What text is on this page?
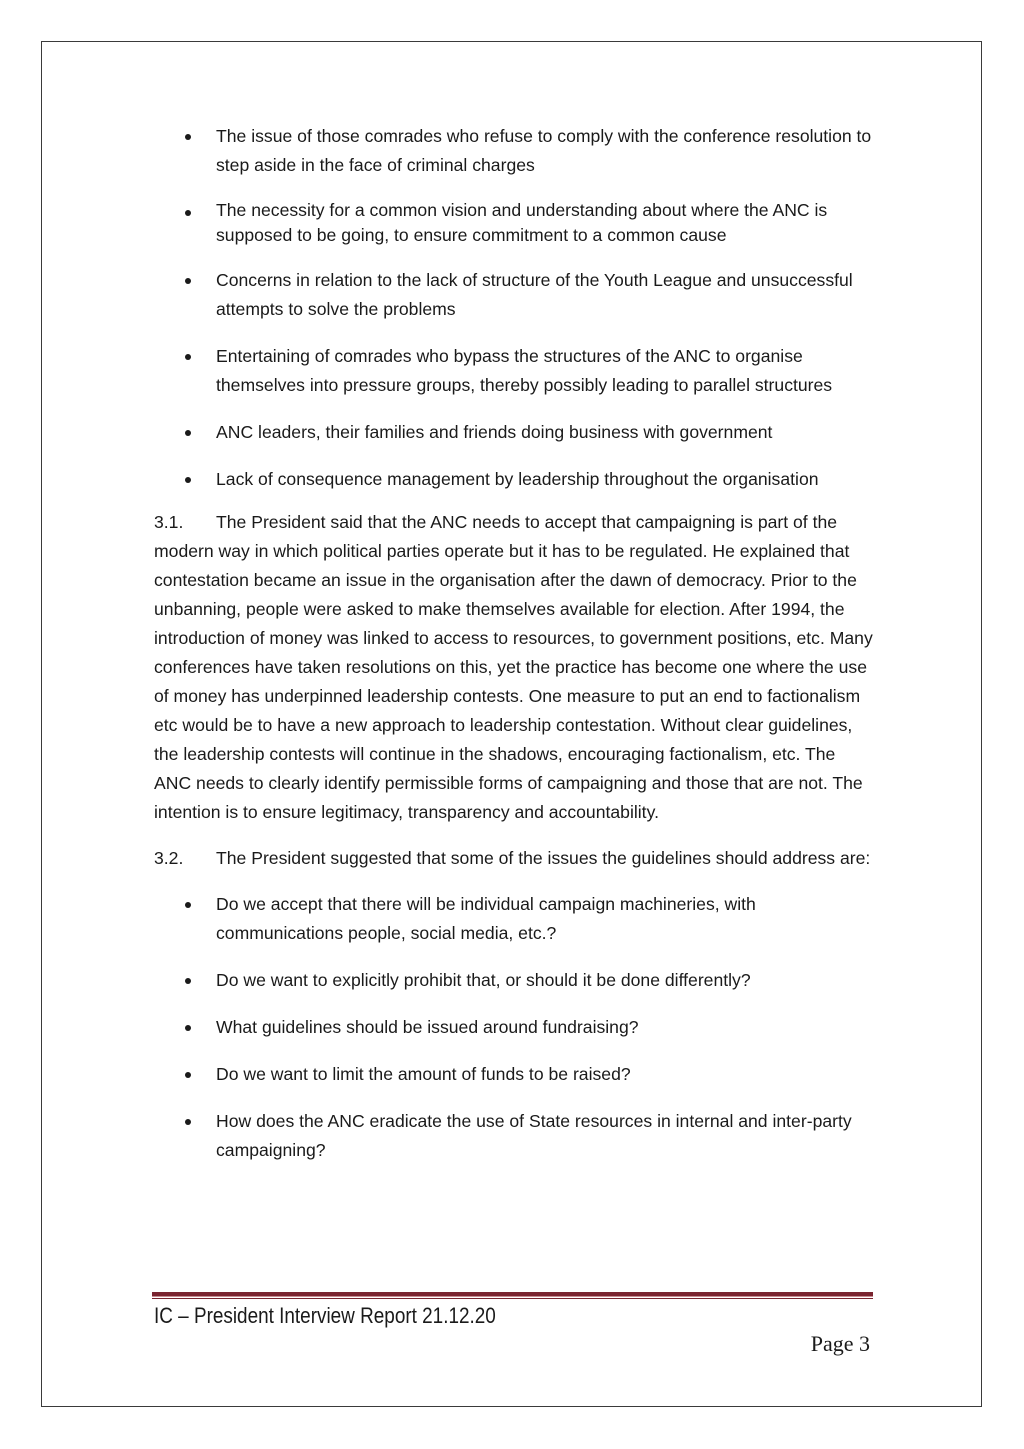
The issue of those comrades who refuse to comply with the conference resolution to step aside in the face of criminal charges
The necessity for a common vision and understanding about where the ANC is supposed to be going, to ensure commitment to a common cause
Concerns in relation to the lack of structure of the Youth League and unsuccessful attempts to solve the problems
Entertaining of comrades who bypass the structures of the ANC to organise themselves into pressure groups, thereby possibly leading to parallel structures
ANC leaders, their families and friends doing business with government
Lack of consequence management by leadership throughout the organisation

3.1. The President said that the ANC needs to accept that campaigning is part of the modern way in which political parties operate but it has to be regulated. He explained that contestation became an issue in the organisation after the dawn of democracy. Prior to the unbanning, people were asked to make themselves available for election. After 1994, the introduction of money was linked to access to resources, to government positions, etc. Many conferences have taken resolutions on this, yet the practice has become one where the use of money has underpinned leadership contests. One measure to put an end to factionalism etc would be to have a new approach to leadership contestation. Without clear guidelines, the leadership contests will continue in the shadows, encouraging factionalism, etc. The ANC needs to clearly identify permissible forms of campaigning and those that are not. The intention is to ensure legitimacy, transparency and accountability.

3.2. The President suggested that some of the issues the guidelines should address are:

Do we accept that there will be individual campaign machineries, with communications people, social media, etc.?
Do we want to explicitly prohibit that, or should it be done differently?
What guidelines should be issued around fundraising?
Do we want to limit the amount of funds to be raised?
How does the ANC eradicate the use of State resources in internal and inter-party campaigning?
IC – President Interview Report 21.12.20
Page 3
